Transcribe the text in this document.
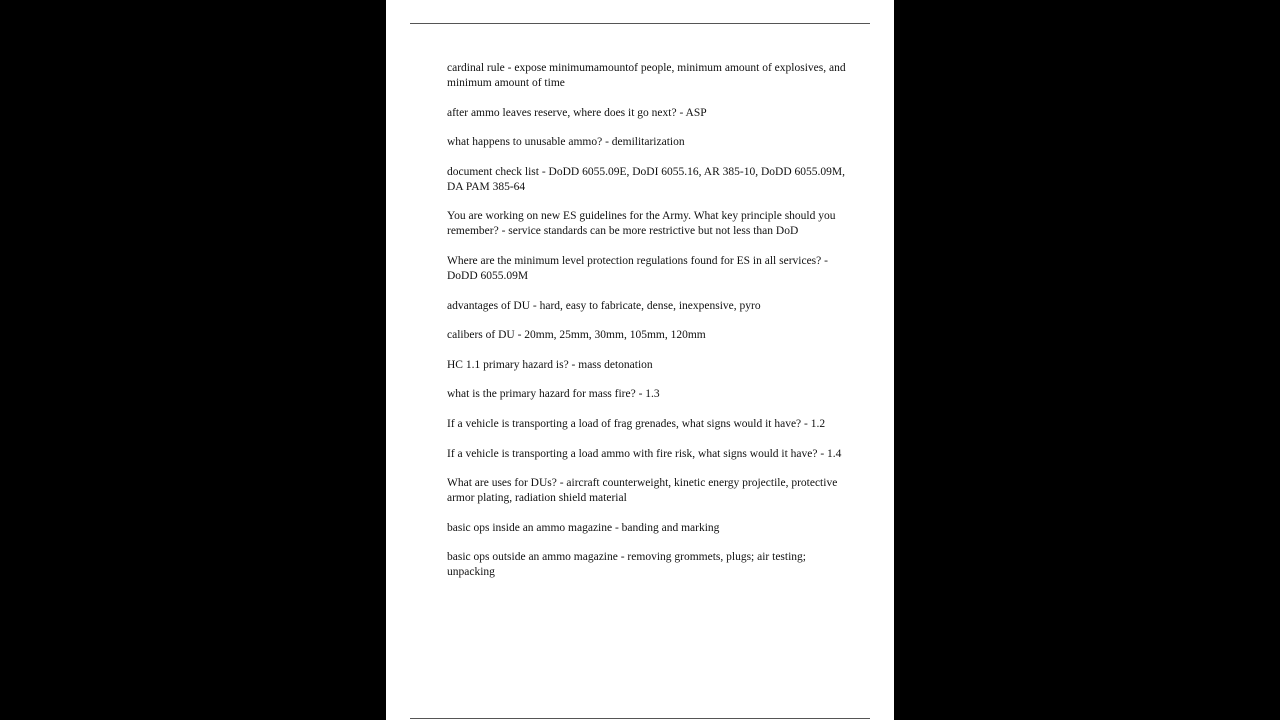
cardinal rule - expose minimumamountof people, minimum amount of explosives, and minimum amount of time

after ammo leaves reserve, where does it go next? - ASP

what happens to unusable ammo? - demilitarization

document check list - DoDD 6055.09E, DoDI 6055.16, AR 385-10, DoDD 6055.09M, DA PAM 385-64

You are working on new ES guidelines for the Army. What key principle should you remember? - service standards can be more restrictive but not less than DoD

Where are the minimum level protection regulations found for ES in all services? - DoDD 6055.09M

advantages of DU - hard, easy to fabricate, dense, inexpensive, pyro

calibers of DU - 20mm, 25mm, 30mm, 105mm, 120mm

HC 1.1 primary hazard is? - mass detonation

what is the primary hazard for mass fire? - 1.3

If a vehicle is transporting a load of frag grenades, what signs would it have? - 1.2

If a vehicle is transporting a load ammo with fire risk, what signs would it have? - 1.4

What are uses for DUs? - aircraft counterweight, kinetic energy projectile, protective armor plating, radiation shield material

basic ops inside an ammo magazine - banding and marking

basic ops outside an ammo magazine - removing grommets, plugs; air testing; unpacking
